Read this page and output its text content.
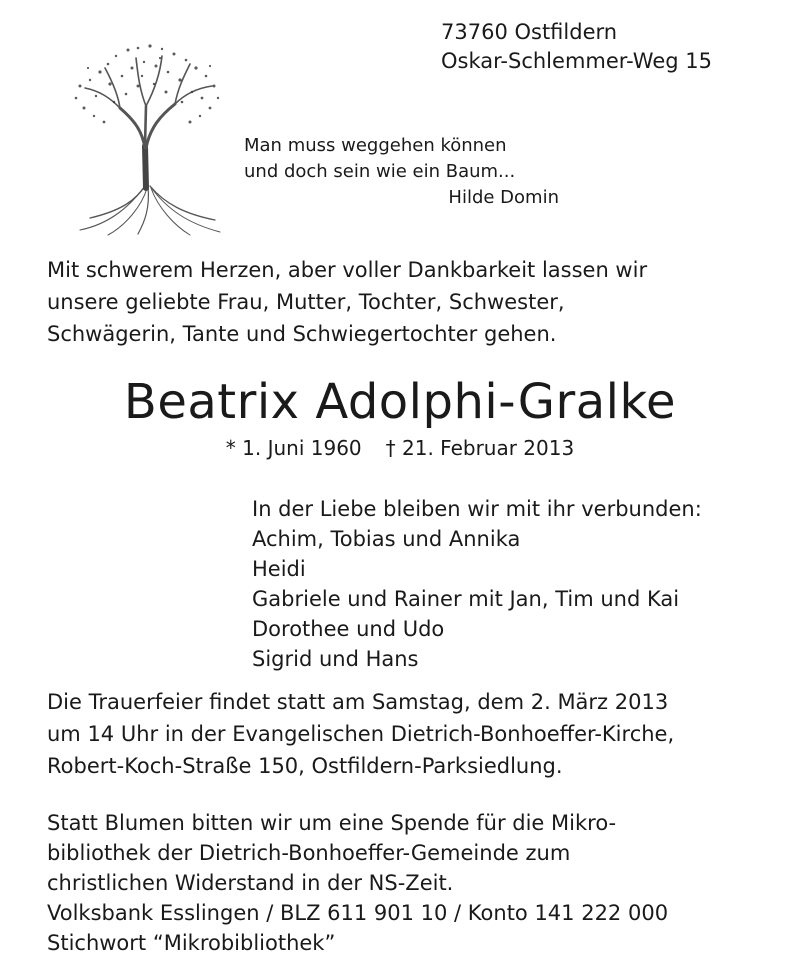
73760 Ostfildern
Oskar-Schlemmer-Weg 15
Man muss weggehen können
und doch sein wie ein Baum...
Hilde Domin
Mit schwerem Herzen, aber voller Dankbarkeit lassen wir
unsere geliebte Frau, Mutter, Tochter, Schwester,
Schwägerin, Tante und Schwiegertochter gehen.
Beatrix Adolphi-Gralke
* 1. Juni 1960 † 21. Februar 2013
In der Liebe bleiben wir mit ihr verbunden:
Achim, Tobias und Annika
Heidi
Gabriele und Rainer mit Jan, Tim und Kai
Dorothee und Udo
Sigrid und Hans
Die Trauerfeier findet statt am Samstag, dem 2. März 2013
um 14 Uhr in der Evangelischen Dietrich-Bonhoeffer-Kirche,
Robert-Koch-Straße 150, Ostfildern-Parksiedlung.
Statt Blumen bitten wir um eine Spende für die Mikro-
bibliothek der Dietrich-Bonhoeffer-Gemeinde zum
christlichen Widerstand in der NS-Zeit.
Volksbank Esslingen / BLZ 611 901 10 / Konto 141 222 000
Stichwort “Mikrobibliothek”
